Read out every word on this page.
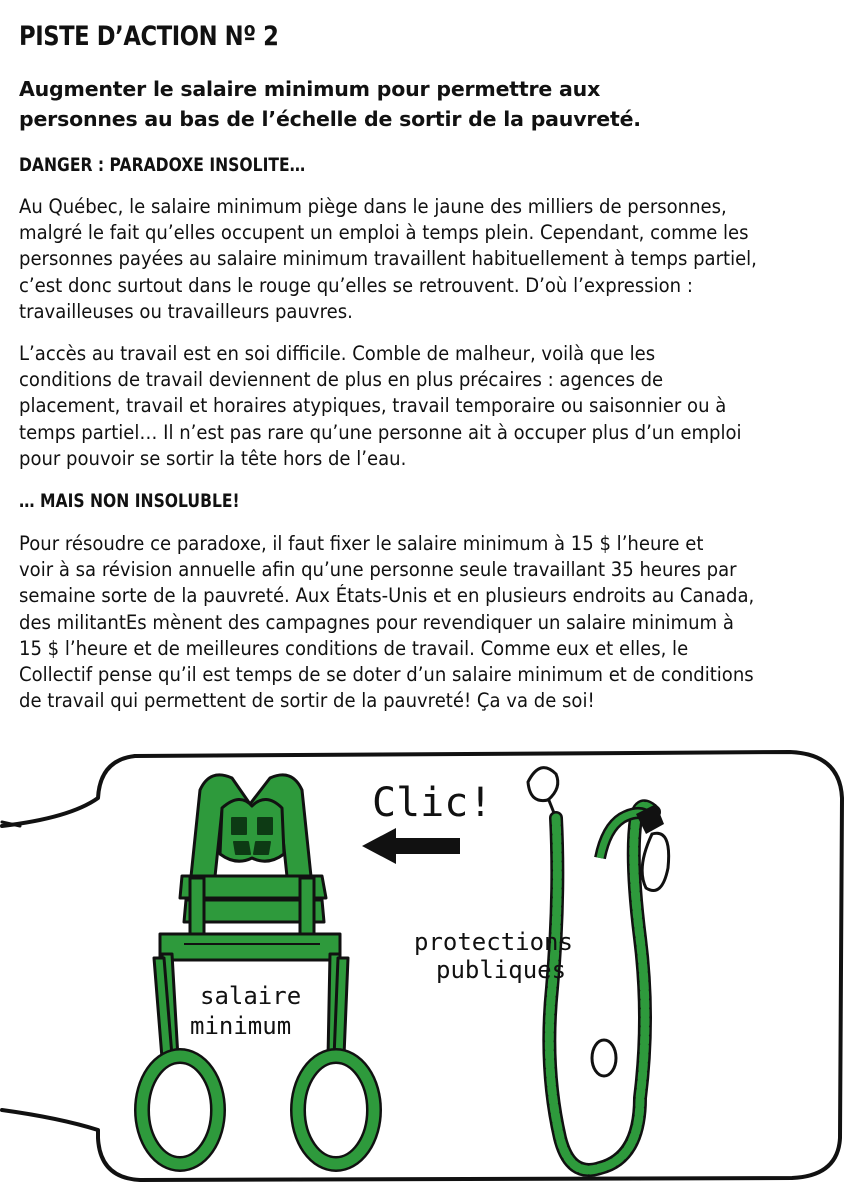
PISTE D’ACTION Nº 2
Augmenter le salaire minimum pour permettre aux
personnes au bas de l’échelle de sortir de la pauvreté.
DANGER : PARADOXE INSOLITE…
Au Québec, le salaire minimum piège dans le jaune des milliers de personnes,
malgré le fait qu’elles occupent un emploi à temps plein. Cependant, comme les
personnes payées au salaire minimum travaillent habituellement à temps partiel,
c’est donc surtout dans le rouge qu’elles se retrouvent. D’où l’expression :
travailleuses ou travailleurs pauvres.
L’accès au travail est en soi difficile. Comble de malheur, voilà que les
conditions de travail deviennent de plus en plus précaires : agences de
placement, travail et horaires atypiques, travail temporaire ou saisonnier ou à
temps partiel… Il n’est pas rare qu’une personne ait à occuper plus d’un emploi
pour pouvoir se sortir la tête hors de l’eau.
… MAIS NON INSOLUBLE!
Pour résoudre ce paradoxe, il faut fixer le salaire minimum à 15 $ l’heure et
voir à sa révision annuelle afin qu’une personne seule travaillant 35 heures par
semaine sorte de la pauvreté. Aux États-Unis et en plusieurs endroits au Canada,
des militantEs mènent des campagnes pour revendiquer un salaire minimum à
15 $ l’heure et de meilleures conditions de travail. Comme eux et elles, le
Collectif pense qu’il est temps de se doter d’un salaire minimum et de conditions
de travail qui permettent de sortir de la pauvreté! Ça va de soi!
Clic!
salaire
minimum
protections
publiques
